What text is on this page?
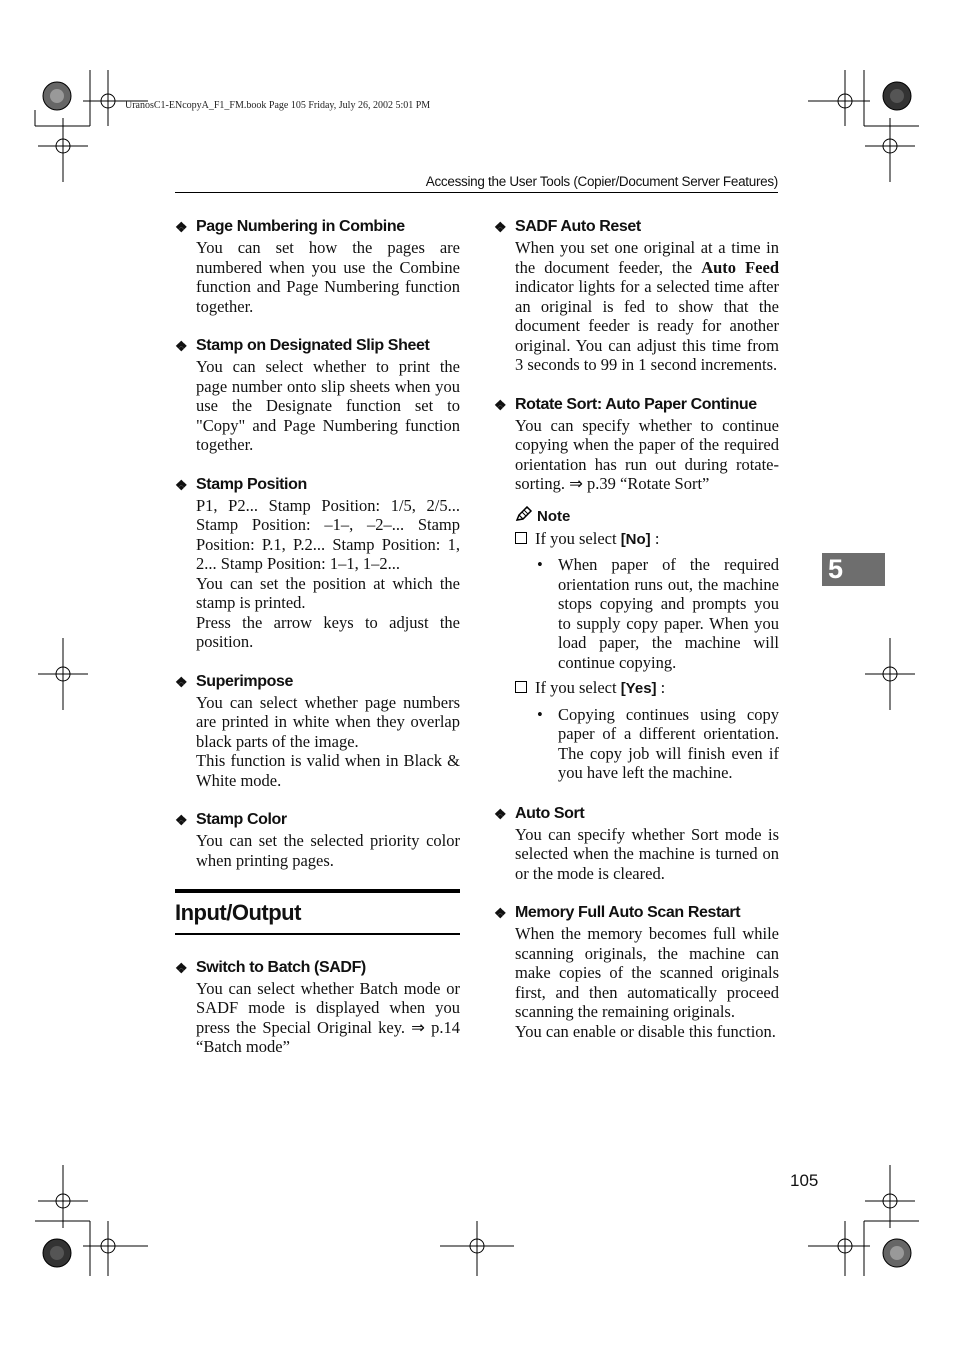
UranosC1-ENcopyA_F1_FM.book Page 105 Friday, July 26, 2002 5:01 PM
Accessing the User Tools (Copier/Document Server Features)
❖ Page Numbering in Combine

You can set how the pages are numbered when you use the Combine function and Page Numbering function together.

❖ Stamp on Designated Slip Sheet

You can select whether to print the page number onto slip sheets when you use the Designate function set to "Copy" and Page Numbering function together.

❖ Stamp Position

P1, P2... Stamp Position: 1/5, 2/5... Stamp Position: –1–, –2–... Stamp Position: P.1, P.2... Stamp Position: 1, 2... Stamp Position: 1–1, 1–2...

You can set the position at which the stamp is printed.

Press the arrow keys to adjust the position.

❖ Superimpose

You can select whether page numbers are printed in white when they overlap black parts of the image.

This function is valid when in Black & White mode.

❖ Stamp Color

You can set the selected priority color when printing pages.

Input/Output
❖ Switch to Batch (SADF)

You can select whether Batch mode or SADF mode is displayed when you press the Special Original key. ⇒ p.14 “Batch mode”

❖ SADF Auto Reset
When you set one original at a time in the document feeder, the Auto Feed indicator lights for a selected time after an original is fed to show that the document feeder is ready for another original. You can adjust this time from 3 seconds to 99 in 1 second increments.
❖ Rotate Sort: Auto Paper Continue
You can specify whether to continue copying when the paper of the required orientation has run out during rotate-sorting. ⇒ p.39 “Rotate Sort”
Note
If you select [No] :
• When paper of the required orientation runs out, the machine stops copying and prompts you to supply copy paper. When you load paper, the machine will continue copying.
If you select [Yes] :
• Copying continues using copy paper of a different orientation. The copy job will finish even if you have left the machine.
❖ Auto Sort
You can specify whether Sort mode is selected when the machine is turned on or the mode is cleared.
❖ Memory Full Auto Scan Restart

When the memory becomes full while scanning originals, the machine can make copies of the scanned originals first, and then automatically proceed scanning the remaining originals.

You can enable or disable this function.

5
105
